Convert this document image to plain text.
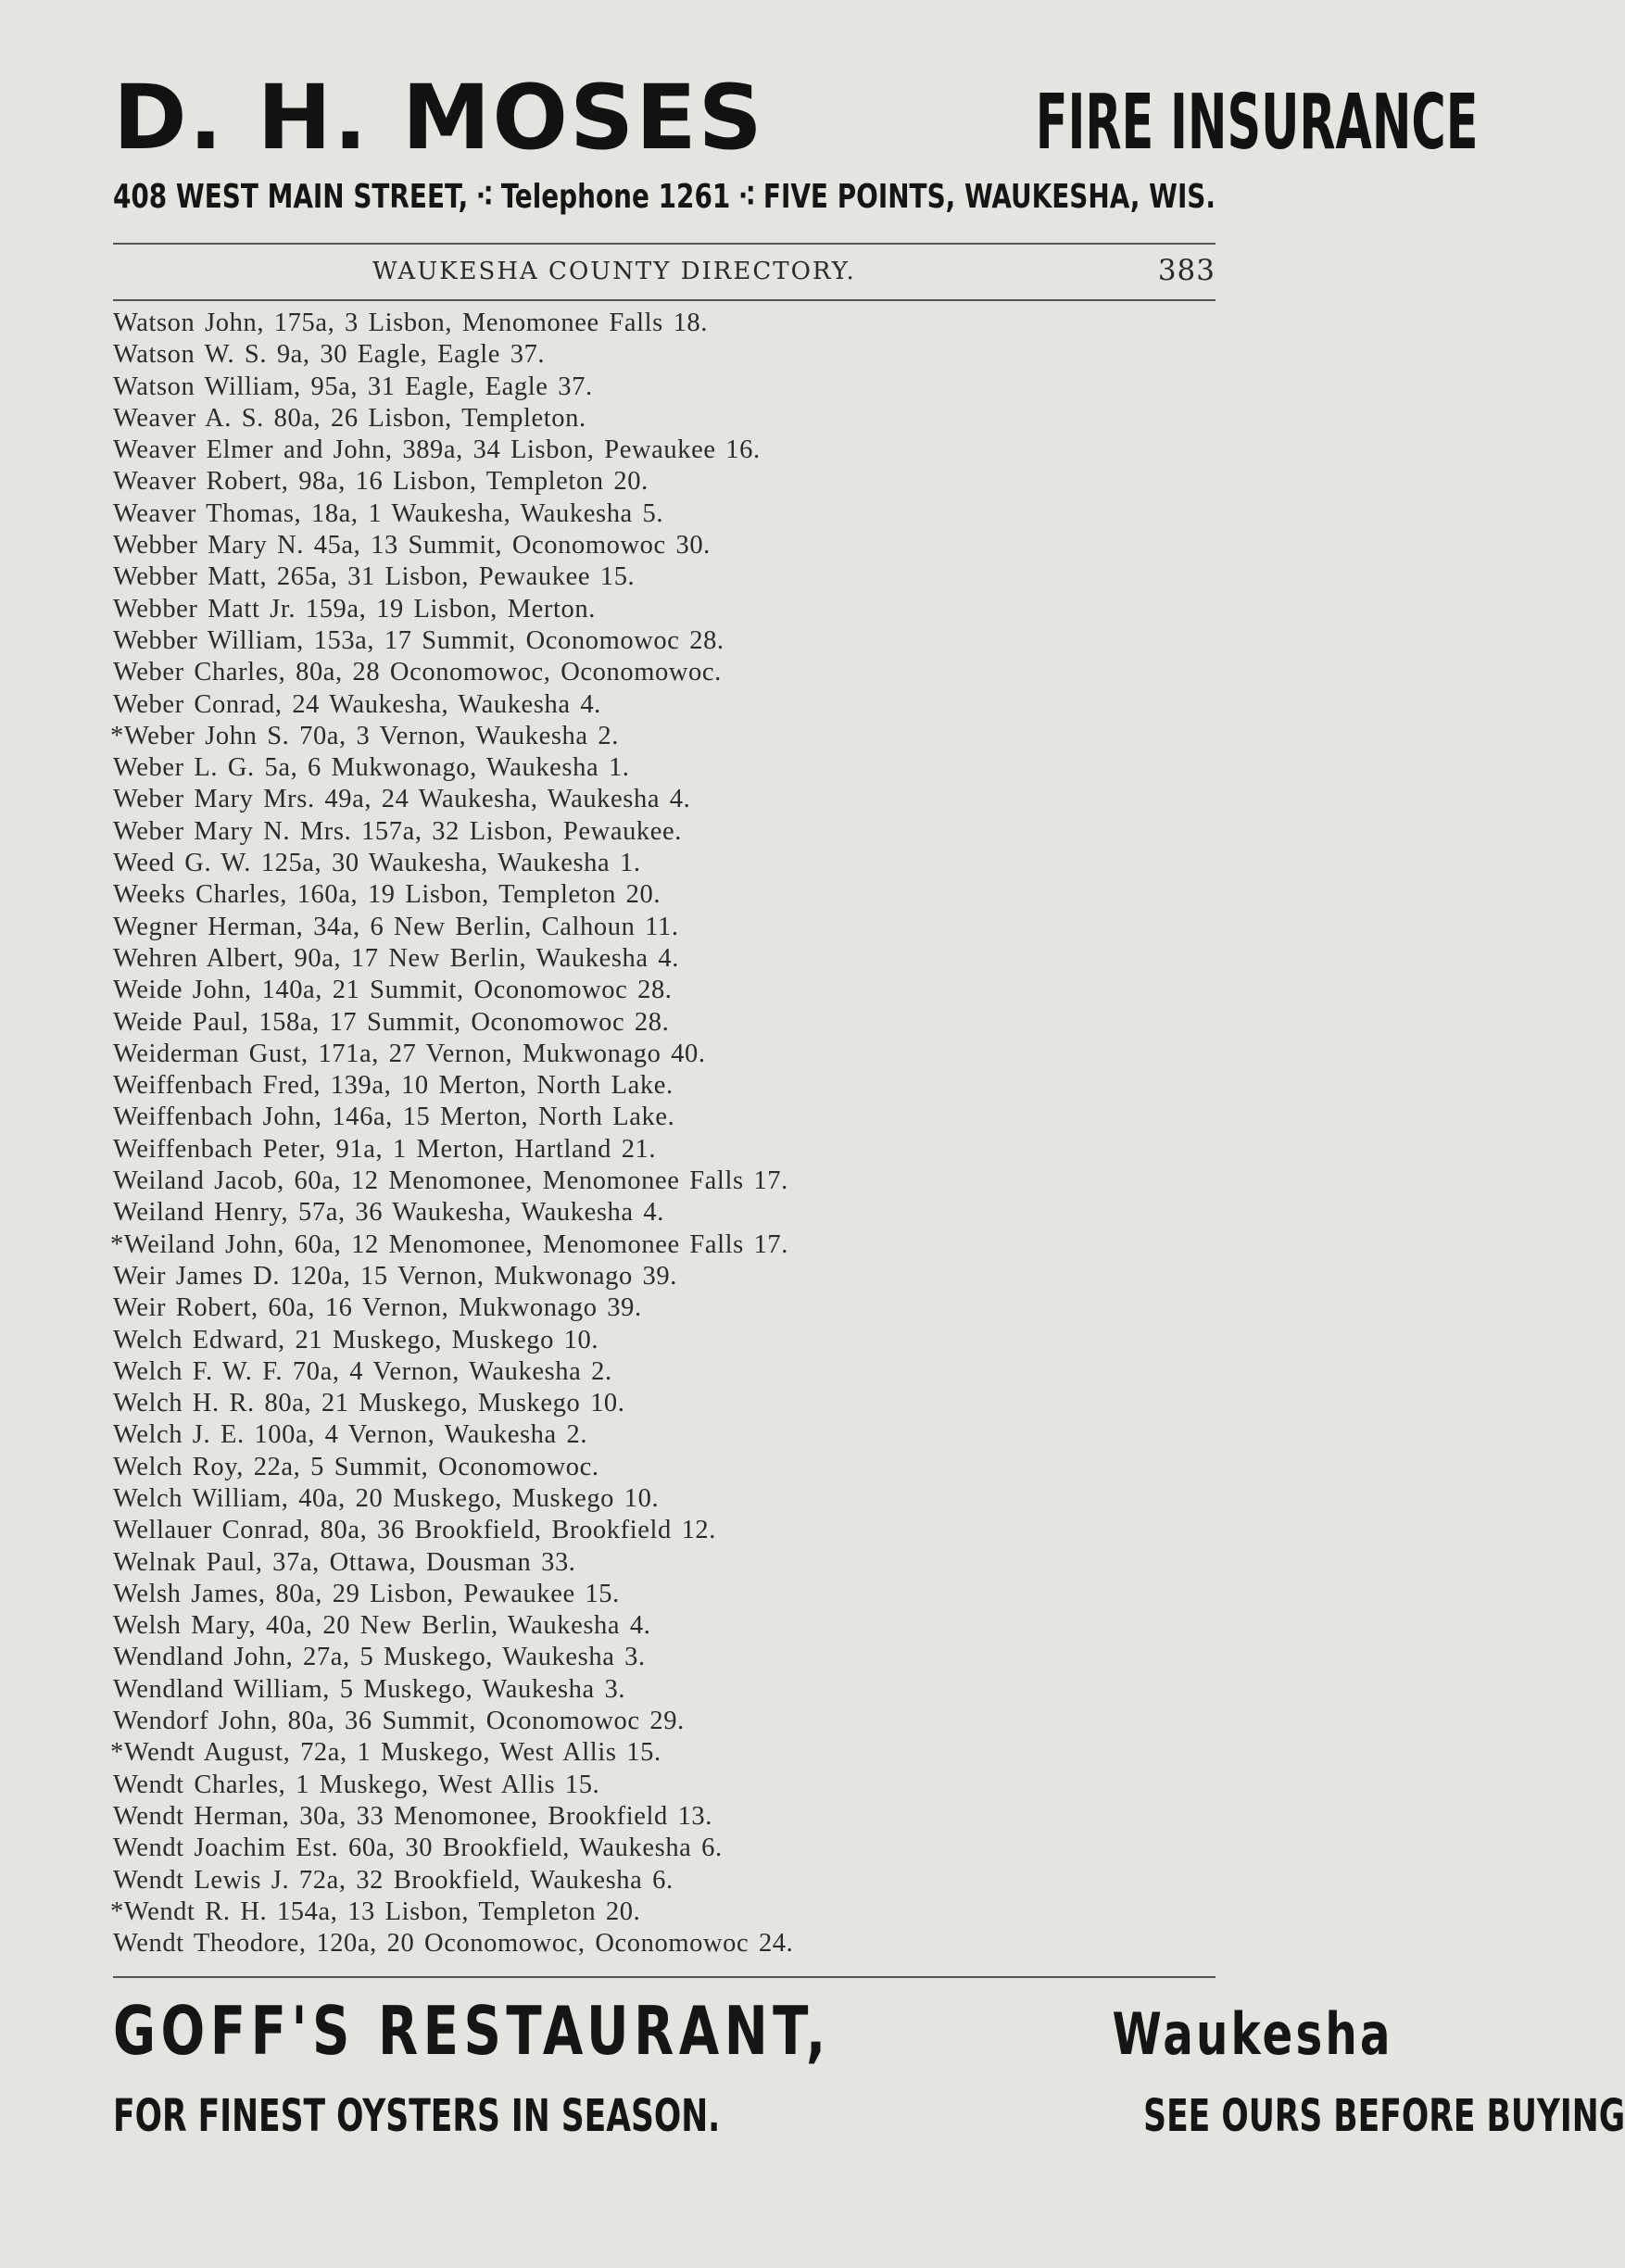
D. H. MOSES	FIRE INSURANCE
408 WEST MAIN STREET, ⁖ Telephone 1261 ⁖ FIVE POINTS, WAUKESHA, WIS.
WAUKESHA COUNTY DIRECTORY.	383
Watson John, 175a, 3 Lisbon, Menomonee Falls 18.
Watson W. S. 9a, 30 Eagle, Eagle 37.
Watson William, 95a, 31 Eagle, Eagle 37.
Weaver A. S. 80a, 26 Lisbon, Templeton.
Weaver Elmer and John, 389a, 34 Lisbon, Pewaukee 16.
Weaver Robert, 98a, 16 Lisbon, Templeton 20.
Weaver Thomas, 18a, 1 Waukesha, Waukesha 5.
Webber Mary N. 45a, 13 Summit, Oconomowoc 30.
Webber Matt, 265a, 31 Lisbon, Pewaukee 15.
Webber Matt Jr. 159a, 19 Lisbon, Merton.
Webber William, 153a, 17 Summit, Oconomowoc 28.
Weber Charles, 80a, 28 Oconomowoc, Oconomowoc.
Weber Conrad, 24 Waukesha, Waukesha 4.
*Weber John S. 70a, 3 Vernon, Waukesha 2.
Weber L. G. 5a, 6 Mukwonago, Waukesha 1.
Weber Mary Mrs. 49a, 24 Waukesha, Waukesha 4.
Weber Mary N. Mrs. 157a, 32 Lisbon, Pewaukee.
Weed G. W. 125a, 30 Waukesha, Waukesha 1.
Weeks Charles, 160a, 19 Lisbon, Templeton 20.
Wegner Herman, 34a, 6 New Berlin, Calhoun 11.
Wehren Albert, 90a, 17 New Berlin, Waukesha 4.
Weide John, 140a, 21 Summit, Oconomowoc 28.
Weide Paul, 158a, 17 Summit, Oconomowoc 28.
Weiderman Gust, 171a, 27 Vernon, Mukwonago 40.
Weiffenbach Fred, 139a, 10 Merton, North Lake.
Weiffenbach John, 146a, 15 Merton, North Lake.
Weiffenbach Peter, 91a, 1 Merton, Hartland 21.
Weiland Jacob, 60a, 12 Menomonee, Menomonee Falls 17.
Weiland Henry, 57a, 36 Waukesha, Waukesha 4.
*Weiland John, 60a, 12 Menomonee, Menomonee Falls 17.
Weir James D. 120a, 15 Vernon, Mukwonago 39.
Weir Robert, 60a, 16 Vernon, Mukwonago 39.
Welch Edward, 21 Muskego, Muskego 10.
Welch F. W. F. 70a, 4 Vernon, Waukesha 2.
Welch H. R. 80a, 21 Muskego, Muskego 10.
Welch J. E. 100a, 4 Vernon, Waukesha 2.
Welch Roy, 22a, 5 Summit, Oconomowoc.
Welch William, 40a, 20 Muskego, Muskego 10.
Wellauer Conrad, 80a, 36 Brookfield, Brookfield 12.
Welnak Paul, 37a, Ottawa, Dousman 33.
Welsh James, 80a, 29 Lisbon, Pewaukee 15.
Welsh Mary, 40a, 20 New Berlin, Waukesha 4.
Wendland John, 27a, 5 Muskego, Waukesha 3.
Wendland William, 5 Muskego, Waukesha 3.
Wendorf John, 80a, 36 Summit, Oconomowoc 29.
*Wendt August, 72a, 1 Muskego, West Allis 15.
Wendt Charles, 1 Muskego, West Allis 15.
Wendt Herman, 30a, 33 Menomonee, Brookfield 13.
Wendt Joachim Est. 60a, 30 Brookfield, Waukesha 6.
Wendt Lewis J. 72a, 32 Brookfield, Waukesha 6.
*Wendt R. H. 154a, 13 Lisbon, Templeton 20.
Wendt Theodore, 120a, 20 Oconomowoc, Oconomowoc 24.
GOFF'S RESTAURANT,	Waukesha
FOR FINEST OYSTERS IN SEASON.	SEE OURS BEFORE BUYING
